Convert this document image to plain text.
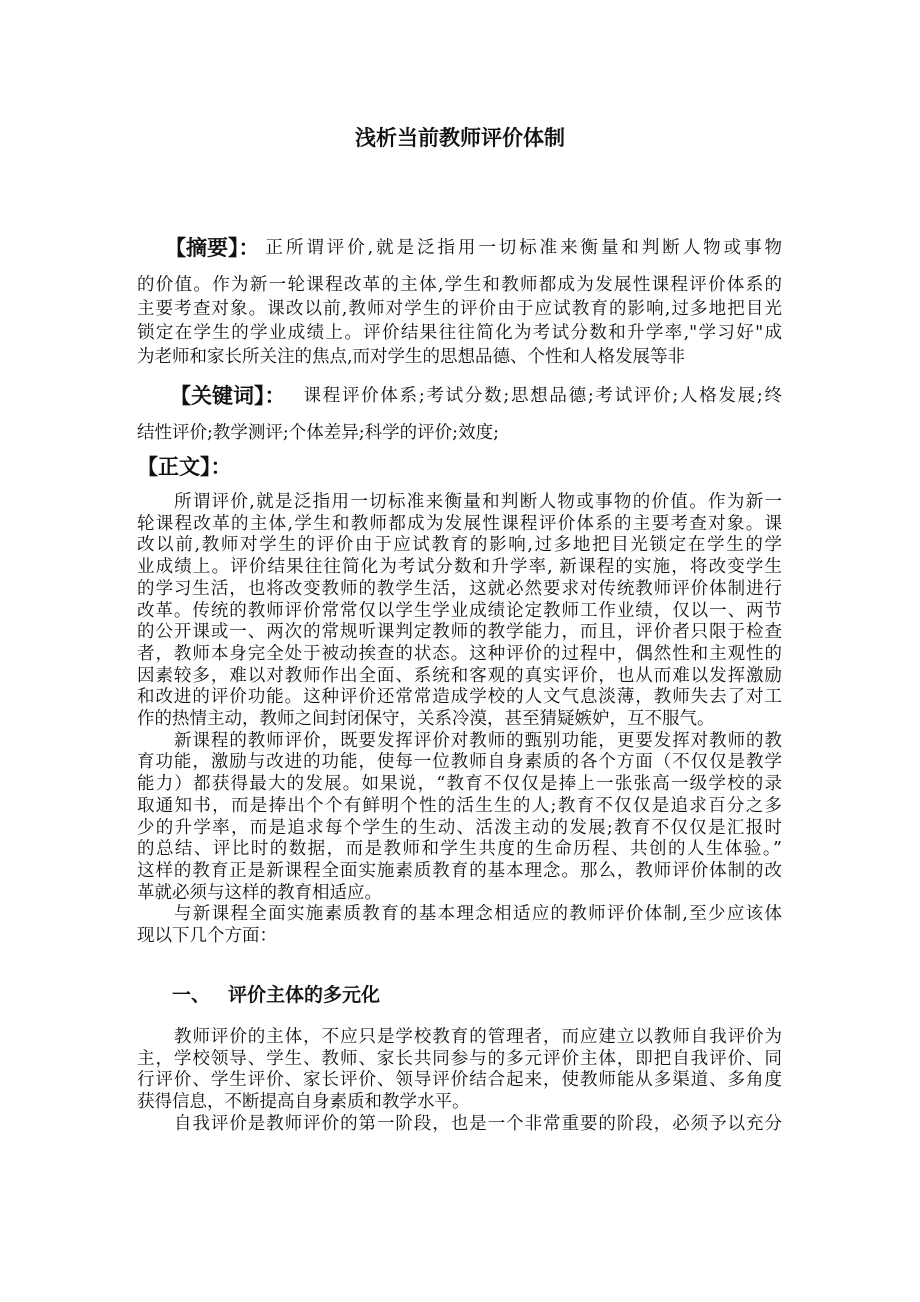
浅析当前教师评价体制
【摘要】： 正所谓评价,就是泛指用一切标准来衡量和判断人物或事物
的价值。作为新一轮课程改革的主体,学生和教师都成为发展性课程评价体系的
主要考查对象。课改以前,教师对学生的评价由于应试教育的影响,过多地把目光
锁定在学生的学业成绩上。评价结果往往简化为考试分数和升学率,"学习好"成
为老师和家长所关注的焦点,而对学生的思想品德、个性和人格发展等非
【关键词】： 课程评价体系;考试分数;思想品德;考试评价;人格发展;终
结性评价;教学测评;个体差异;科学的评价;效度;
【正文】：
所谓评价,就是泛指用一切标准来衡量和判断人物或事物的价值。作为新一
轮课程改革的主体,学生和教师都成为发展性课程评价体系的主要考查对象。课
改以前,教师对学生的评价由于应试教育的影响,过多地把目光锁定在学生的学
业成绩上。评价结果往往简化为考试分数和升学率, 新课程的实施，将改变学生
的学习生活，也将改变教师的教学生活，这就必然要求对传统教师评价体制进行
改革。传统的教师评价常常仅以学生学业成绩论定教师工作业绩，仅以一、两节
的公开课或一、两次的常规听课判定教师的教学能力，而且，评价者只限于检查
者，教师本身完全处于被动挨查的状态。这种评价的过程中，偶然性和主观性的
因素较多，难以对教师作出全面、系统和客观的真实评价，也从而难以发挥激励
和改进的评价功能。这种评价还常常造成学校的人文气息淡薄，教师失去了对工
作的热情主动，教师之间封闭保守，关系冷漠，甚至猜疑嫉妒，互不服气。
新课程的教师评价，既要发挥评价对教师的甄别功能，更要发挥对教师的教
育功能，激励与改进的功能，使每一位教师自身素质的各个方面（不仅仅是教学
能力）都获得最大的发展。如果说，“教育不仅仅是捧上一张张高一级学校的录
取通知书，而是捧出个个有鲜明个性的活生生的人;教育不仅仅是追求百分之多
少的升学率，而是追求每个学生的生动、活泼主动的发展;教育不仅仅是汇报时
的总结、评比时的数据，而是教师和学生共度的生命历程、共创的人生体验。”
这样的教育正是新课程全面实施素质教育的基本理念。那么，教师评价体制的改
革就必须与这样的教育相适应。
与新课程全面实施素质教育的基本理念相适应的教师评价体制,至少应该体
现以下几个方面：
一、 评价主体的多元化
教师评价的主体，不应只是学校教育的管理者，而应建立以教师自我评价为
主，学校领导、学生、教师、家长共同参与的多元评价主体，即把自我评价、同
行评价、学生评价、家长评价、领导评价结合起来，使教师能从多渠道、多角度
获得信息，不断提高自身素质和教学水平。
自我评价是教师评价的第一阶段，也是一个非常重要的阶段，必须予以充分
